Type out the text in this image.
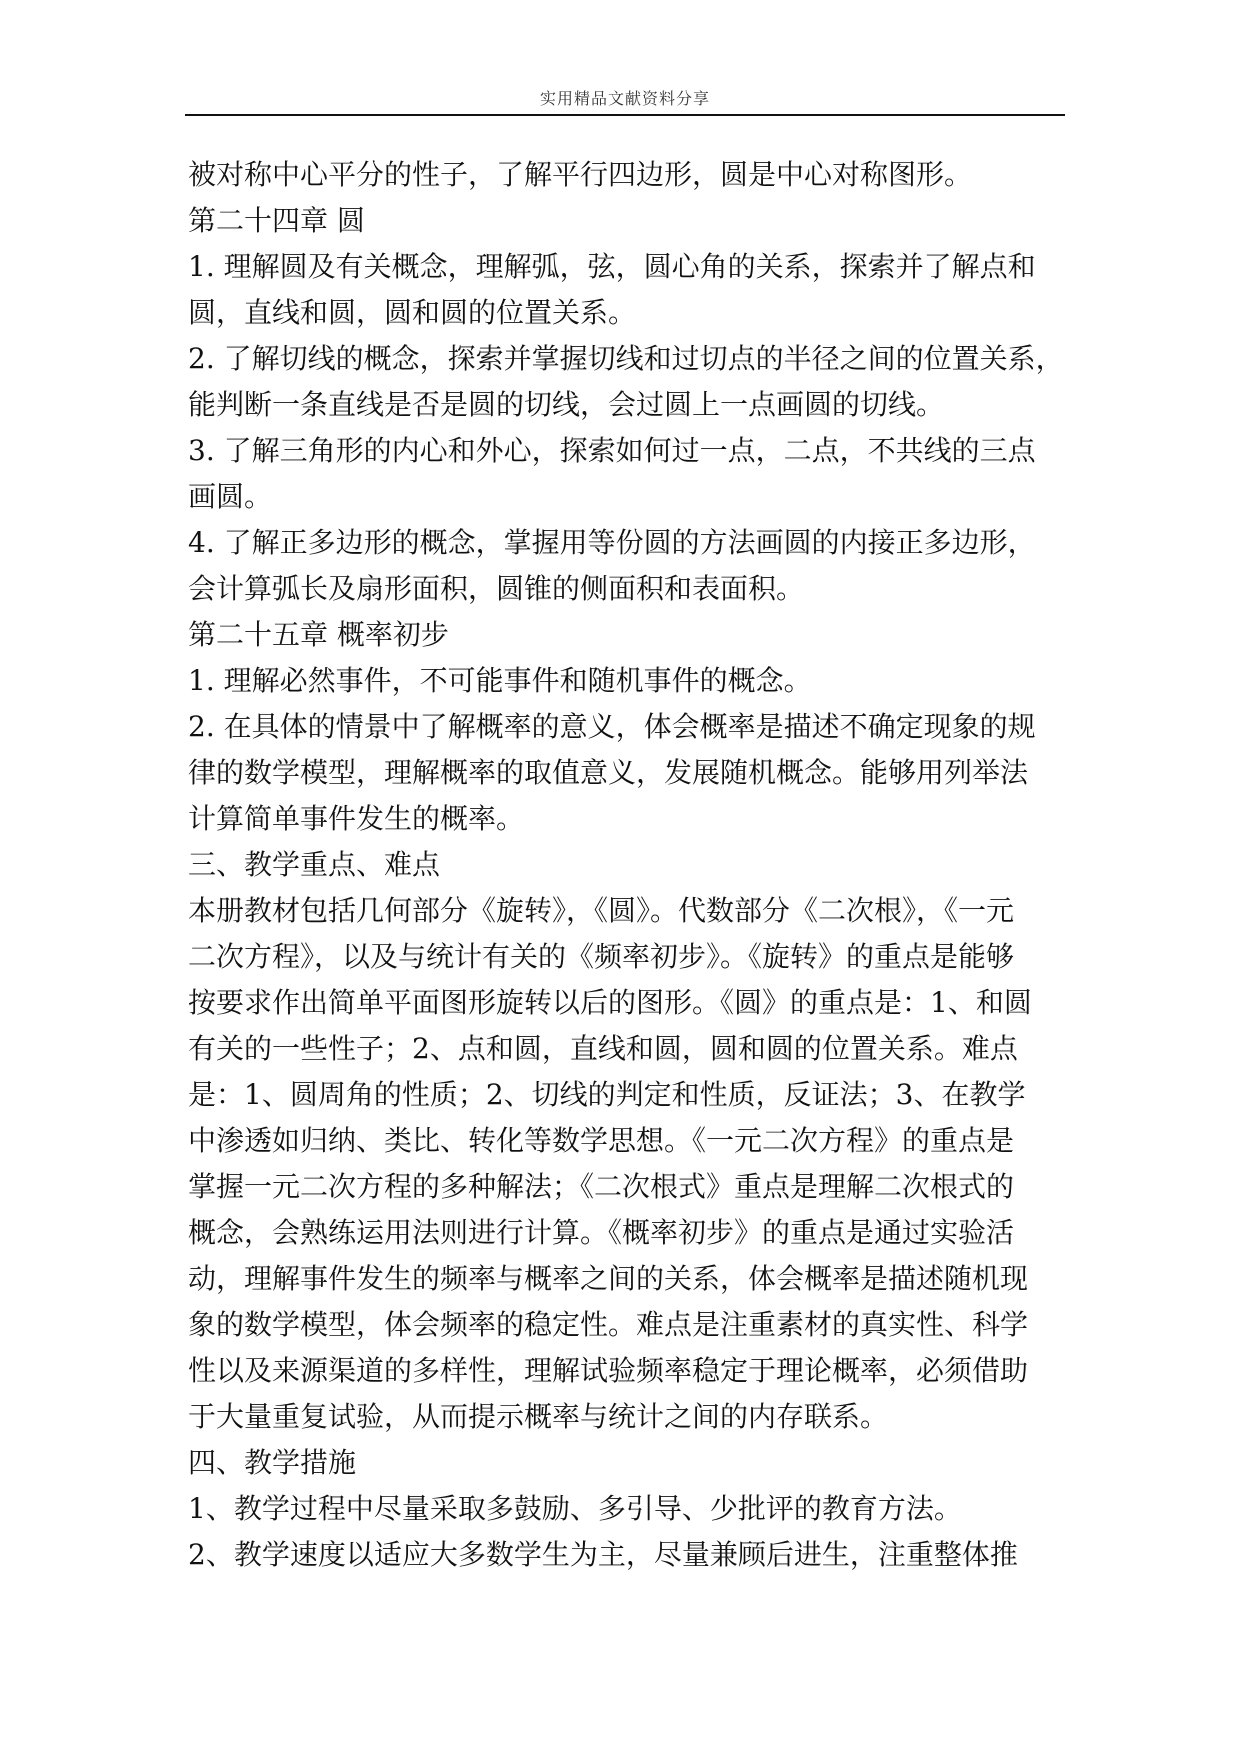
实用精品文献资料分享
被对称中心平分的性子，了解平行四边形，圆是中心对称图形。
第二十四章 圆
1. 理解圆及有关概念，理解弧，弦，圆心角的关系，探索并了解点和
圆，直线和圆，圆和圆的位置关系。
2. 了解切线的概念，探索并掌握切线和过切点的半径之间的位置关系，
能判断一条直线是否是圆的切线，会过圆上一点画圆的切线。
3. 了解三角形的内心和外心，探索如何过一点，二点，不共线的三点
画圆。
4. 了解正多边形的概念，掌握用等份圆的方法画圆的内接正多边形，
会计算弧长及扇形面积，圆锥的侧面积和表面积。
第二十五章 概率初步
1. 理解必然事件，不可能事件和随机事件的概念。
2. 在具体的情景中了解概率的意义，体会概率是描述不确定现象的规
律的数学模型，理解概率的取值意义，发展随机概念。能够用列举法
计算简单事件发生的概率。
三、教学重点、难点
本册教材包括几何部分《旋转》，《圆》。代数部分《二次根》，《一元
二次方程》，以及与统计有关的《频率初步》。《旋转》的重点是能够
按要求作出简单平面图形旋转以后的图形。《圆》的重点是：1、和圆
有关的一些性子；2、点和圆，直线和圆，圆和圆的位置关系。难点
是：1、圆周角的性质；2、切线的判定和性质，反证法；3、在教学
中渗透如归纳、类比、转化等数学思想。《一元二次方程》的重点是
掌握一元二次方程的多种解法；《二次根式》重点是理解二次根式的
概念，会熟练运用法则进行计算。《概率初步》的重点是通过实验活
动，理解事件发生的频率与概率之间的关系，体会概率是描述随机现
象的数学模型，体会频率的稳定性。难点是注重素材的真实性、科学
性以及来源渠道的多样性，理解试验频率稳定于理论概率，必须借助
于大量重复试验，从而提示概率与统计之间的内存联系。
四、教学措施
1、教学过程中尽量采取多鼓励、多引导、少批评的教育方法。
2、教学速度以适应大多数学生为主，尽量兼顾后进生，注重整体推
